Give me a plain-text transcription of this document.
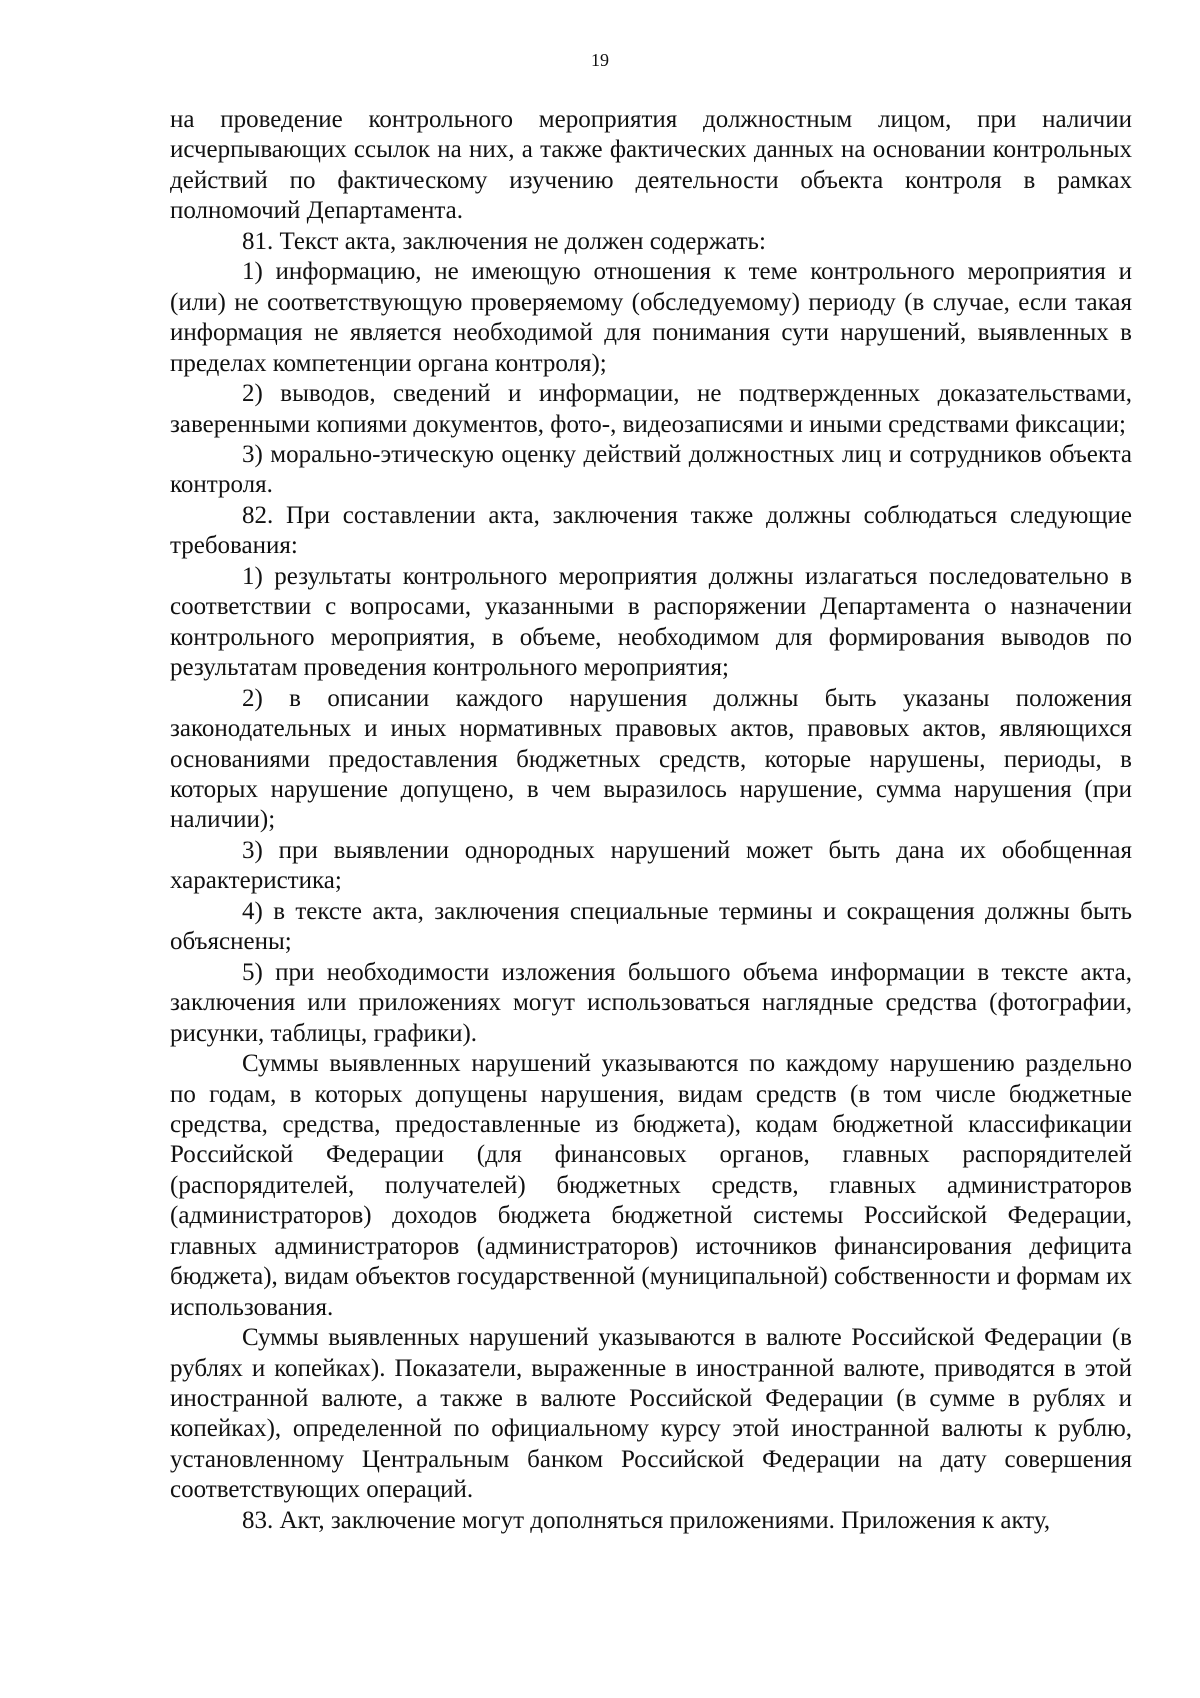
19

на проведение контрольного мероприятия должностным лицом, при наличии исчерпывающих ссылок на них, а также фактических данных на основании контрольных действий по фактическому изучению деятельности объекта контроля в рамках полномочий Департамента.

81. Текст акта, заключения не должен содержать:

1) информацию, не имеющую отношения к теме контрольного мероприятия и (или) не соответствующую проверяемому (обследуемому) периоду (в случае, если такая информация не является необходимой для понимания сути нарушений, выявленных в пределах компетенции органа контроля);

2) выводов, сведений и информации, не подтвержденных доказательствами, заверенными копиями документов, фото-, видеозаписями и иными средствами фиксации;

3) морально-этическую оценку действий должностных лиц и сотрудников объекта контроля.

82. При составлении акта, заключения также должны соблюдаться следующие требования:

1) результаты контрольного мероприятия должны излагаться последовательно в соответствии с вопросами, указанными в распоряжении Департамента о назначении контрольного мероприятия, в объеме, необходимом для формирования выводов по результатам проведения контрольного мероприятия;

2) в описании каждого нарушения должны быть указаны положения законодательных и иных нормативных правовых актов, правовых актов, являющихся основаниями предоставления бюджетных средств, которые нарушены, периоды, в которых нарушение допущено, в чем выразилось нарушение, сумма нарушения (при наличии);

3) при выявлении однородных нарушений может быть дана их обобщенная характеристика;

4) в тексте акта, заключения специальные термины и сокращения должны быть объяснены;

5) при необходимости изложения большого объема информации в тексте акта, заключения или приложениях могут использоваться наглядные средства (фотографии, рисунки, таблицы, графики).

Суммы выявленных нарушений указываются по каждому нарушению раздельно по годам, в которых допущены нарушения, видам средств (в том числе бюджетные средства, средства, предоставленные из бюджета), кодам бюджетной классификации Российской Федерации (для финансовых органов, главных распорядителей (распорядителей, получателей) бюджетных средств, главных администраторов (администраторов) доходов бюджета бюджетной системы Российской Федерации, главных администраторов (администраторов) источников финансирования дефицита бюджета), видам объектов государственной (муниципальной) собственности и формам их использования.

Суммы выявленных нарушений указываются в валюте Российской Федерации (в рублях и копейках). Показатели, выраженные в иностранной валюте, приводятся в этой иностранной валюте, а также в валюте Российской Федерации (в сумме в рублях и копейках), определенной по официальному курсу этой иностранной валюты к рублю, установленному Центральным банком Российской Федерации на дату совершения соответствующих операций.

83. Акт, заключение могут дополняться приложениями. Приложения к акту,
